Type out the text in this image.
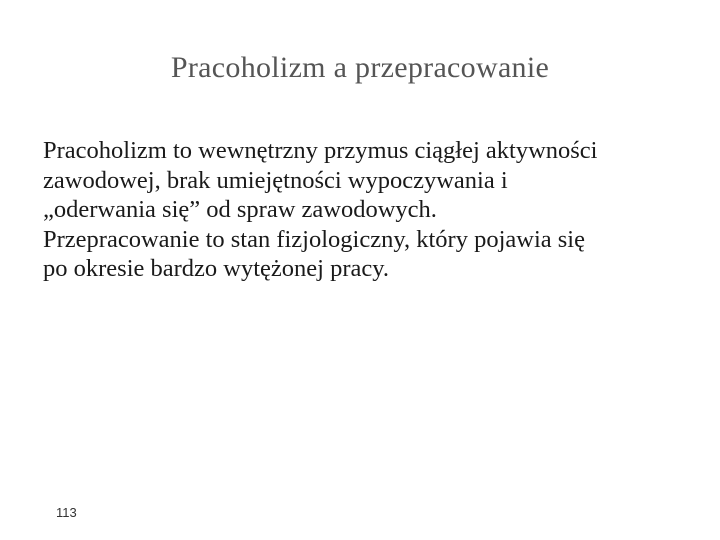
Pracoholizm a przepracowanie
Pracoholizm to wewnętrzny przymus ciągłej aktywności
zawodowej, brak umiejętności wypoczywania i
„oderwania się” od spraw zawodowych.
Przepracowanie to stan fizjologiczny, który pojawia się
po okresie bardzo wytężonej pracy.
113
